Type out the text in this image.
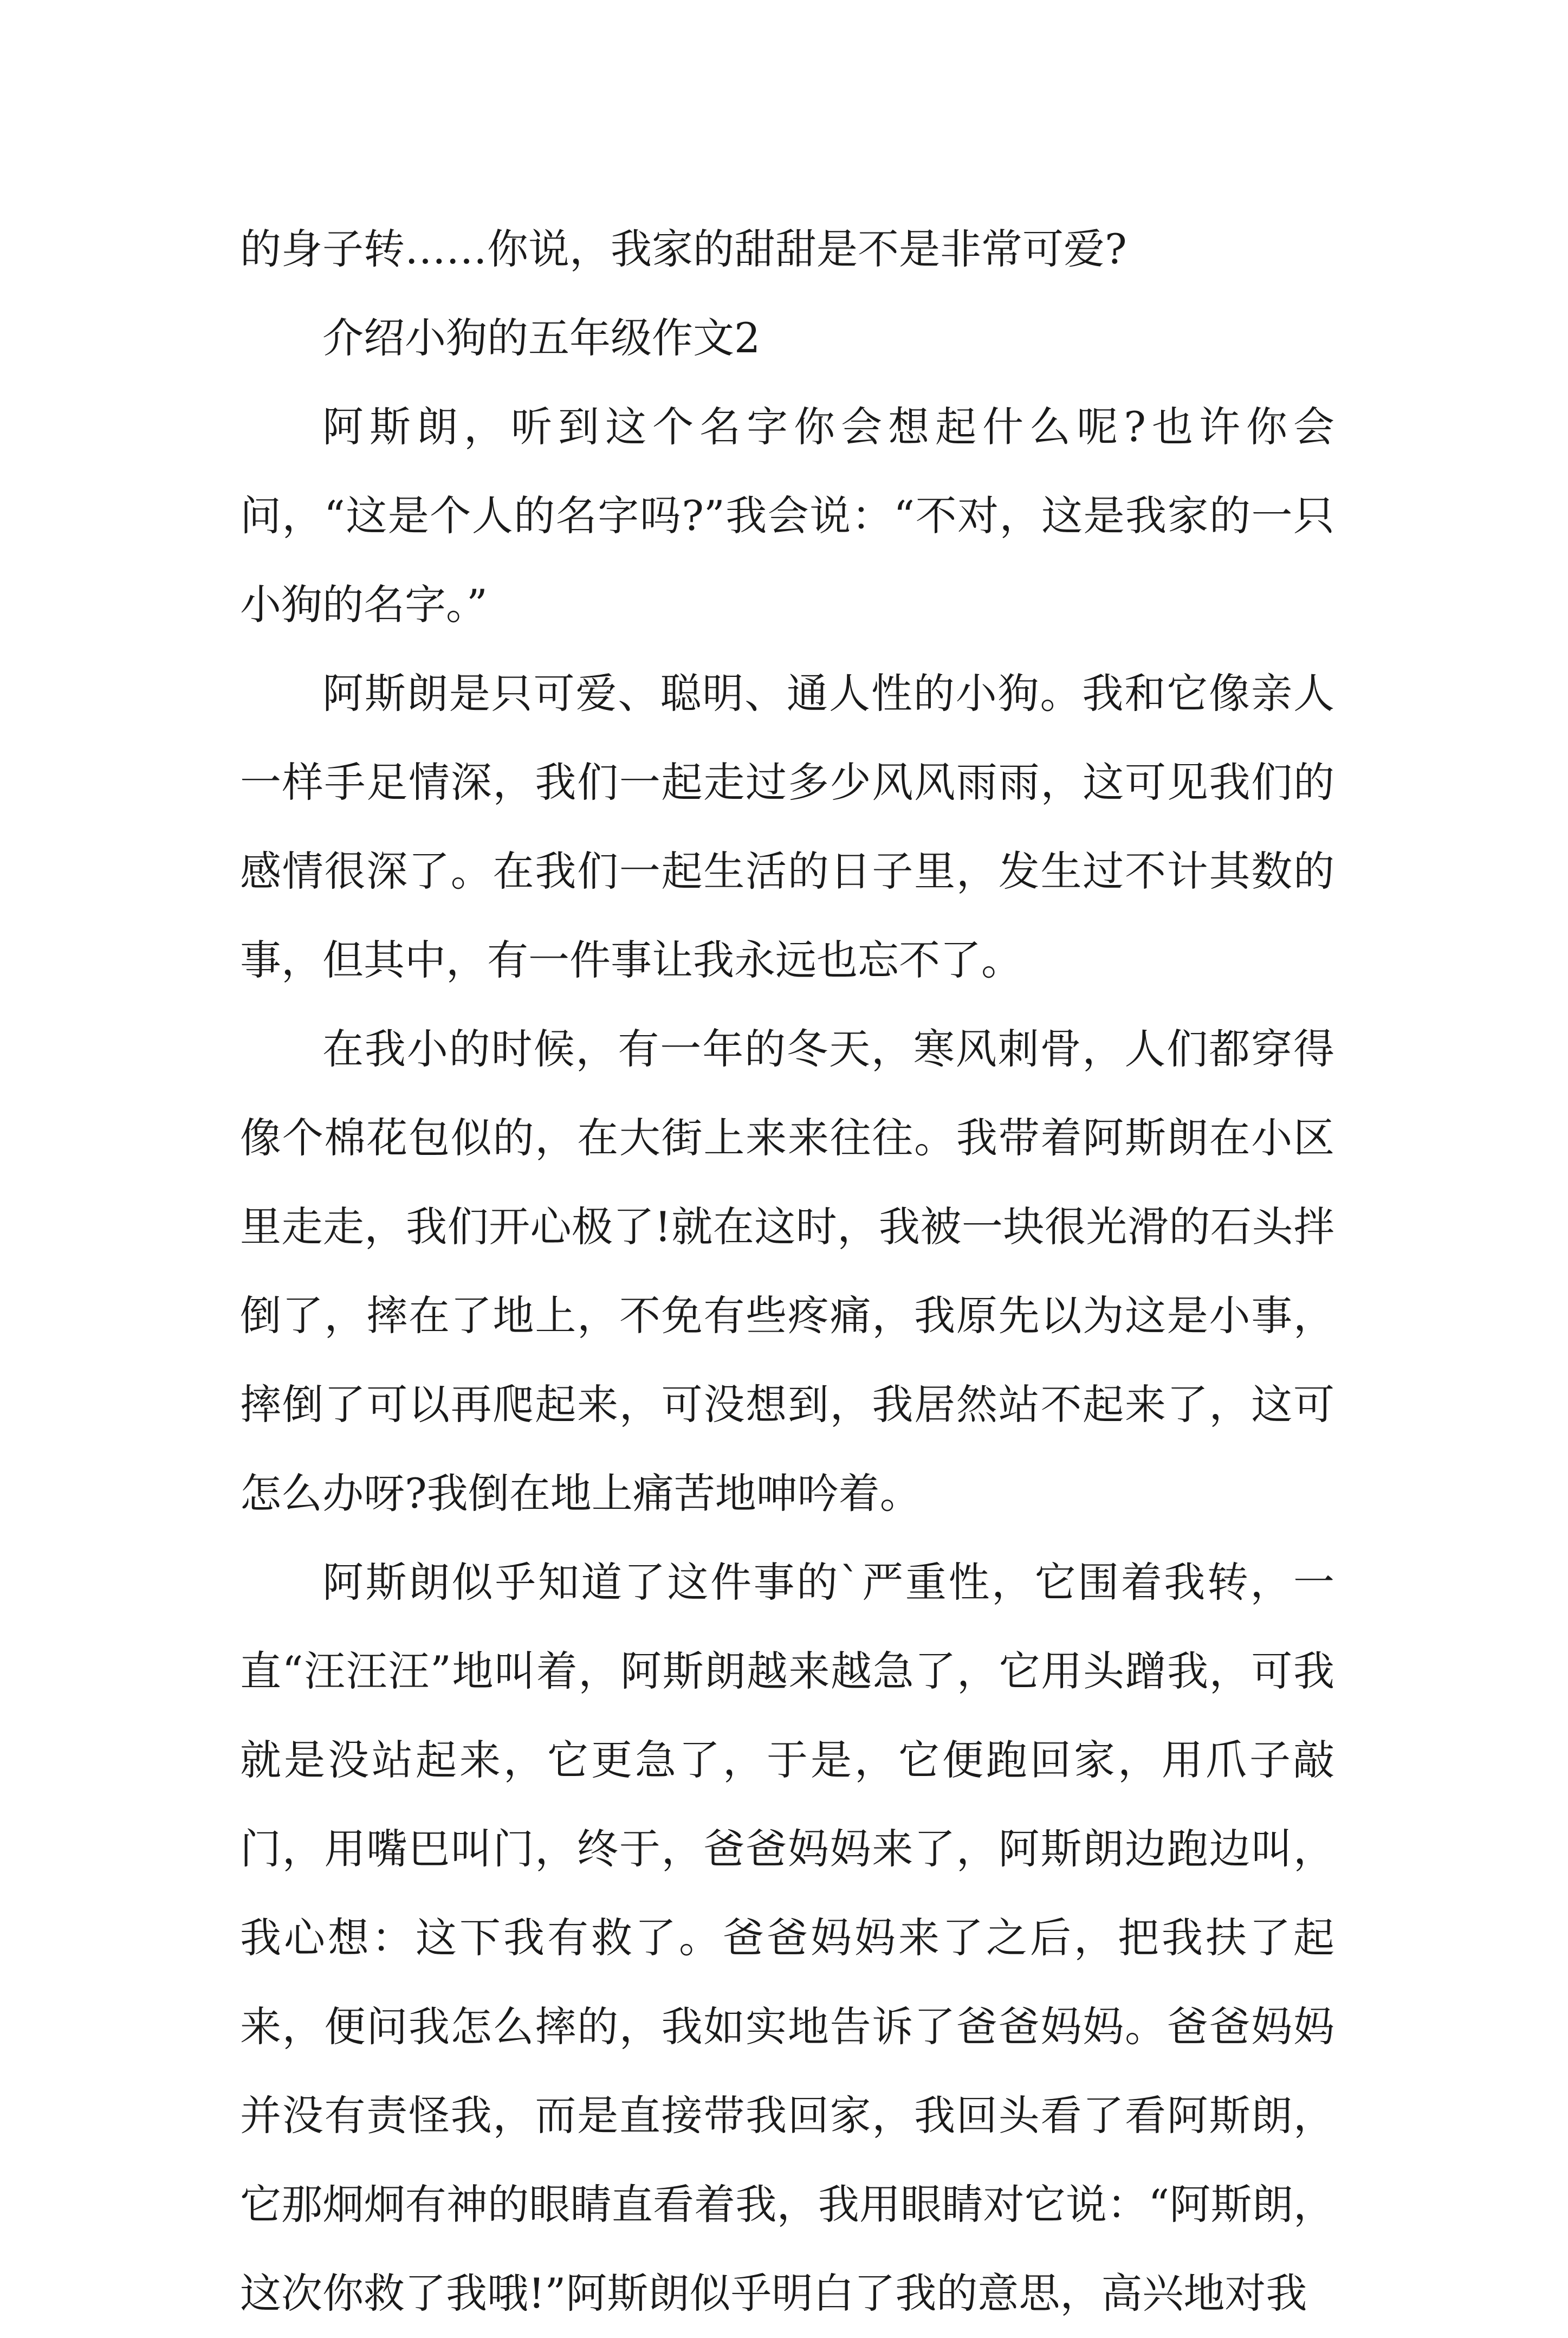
的身子转……你说，我家的甜甜是不是非常可爱?

介绍小狗的五年级作文2

阿斯朗，听到这个名字你会想起什么呢?也许你会问，“这是个人的名字吗?”我会说：“不对，这是我家的一只小狗的名字。”

阿斯朗是只可爱、聪明、通人性的小狗。我和它像亲人一样手足情深，我们一起走过多少风风雨雨，这可见我们的感情很深了。在我们一起生活的日子里，发生过不计其数的事，但其中，有一件事让我永远也忘不了。

在我小的时候，有一年的冬天，寒风刺骨，人们都穿得像个棉花包似的，在大街上来来往往。我带着阿斯朗在小区里走走，我们开心极了!就在这时，我被一块很光滑的石头拌倒了，摔在了地上，不免有些疼痛，我原先以为这是小事，摔倒了可以再爬起来，可没想到，我居然站不起来了，这可怎么办呀?我倒在地上痛苦地呻吟着。

阿斯朗似乎知道了这件事的`严重性，它围着我转，一直“汪汪汪”地叫着，阿斯朗越来越急了，它用头蹭我，可我就是没站起来，它更急了，于是，它便跑回家，用爪子敲门，用嘴巴叫门，终于，爸爸妈妈来了，阿斯朗边跑边叫，我心想：这下我有救了。爸爸妈妈来了之后，把我扶了起来，便问我怎么摔的，我如实地告诉了爸爸妈妈。爸爸妈妈并没有责怪我，而是直接带我回家，我回头看了看阿斯朗，它那炯炯有神的眼睛直看着我，我用眼睛对它说：“阿斯朗，这次你救了我哦!”阿斯朗似乎明白了我的意思，高兴地对我
